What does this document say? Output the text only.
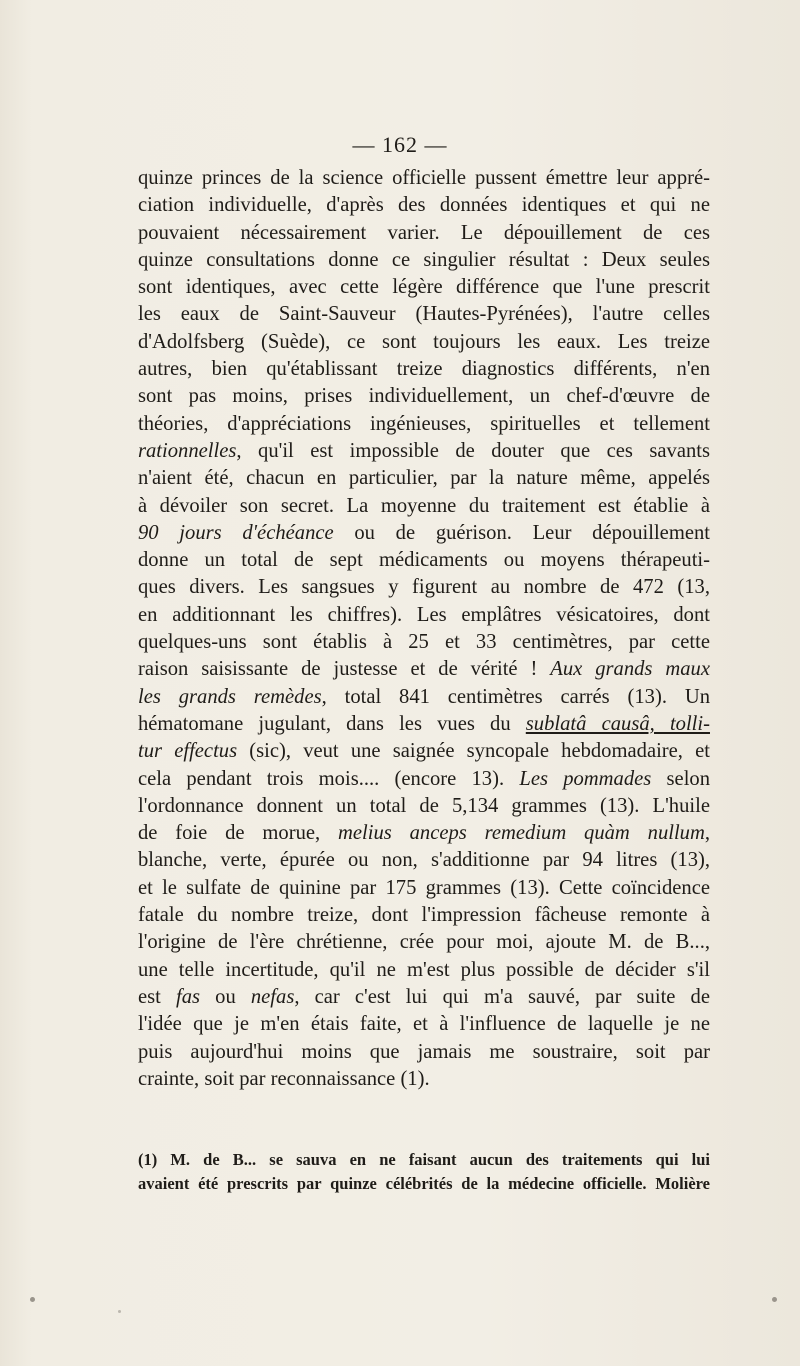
— 162 —
quinze princes de la science officielle pussent émettre leur appré-
ciation individuelle, d'après des données identiques et qui ne
pouvaient nécessairement varier. Le dépouillement de ces
quinze consultations donne ce singulier résultat : Deux seules
sont identiques, avec cette légère différence que l'une prescrit
les eaux de Saint-Sauveur (Hautes-Pyrénées), l'autre celles
d'Adolfsberg (Suède), ce sont toujours les eaux. Les treize
autres, bien qu'établissant treize diagnostics différents, n'en
sont pas moins, prises individuellement, un chef-d'œuvre de
théories, d'appréciations ingénieuses, spirituelles et tellement
rationnelles, qu'il est impossible de douter que ces savants
n'aient été, chacun en particulier, par la nature même, appelés
à dévoiler son secret. La moyenne du traitement est établie à
90 jours d'échéance ou de guérison. Leur dépouillement
donne un total de sept médicaments ou moyens thérapeuti-
ques divers. Les sangsues y figurent au nombre de 472 (13,
en additionnant les chiffres). Les emplâtres vésicatoires, dont
quelques-uns sont établis à 25 et 33 centimètres, par cette
raison saisissante de justesse et de vérité ! Aux grands maux
les grands remèdes, total 841 centimètres carrés (13). Un
hématomane jugulant, dans les vues du sublatâ causâ, tolli-
tur effectus (sic), veut une saignée syncopale hebdomadaire, et
cela pendant trois mois.... (encore 13). Les pommades selon
l'ordonnance donnent un total de 5,134 grammes (13). L'huile
de foie de morue, melius anceps remedium quàm nullum,
blanche, verte, épurée ou non, s'additionne par 94 litres (13),
et le sulfate de quinine par 175 grammes (13). Cette coïncidence
fatale du nombre treize, dont l'impression fâcheuse remonte à
l'origine de l'ère chrétienne, crée pour moi, ajoute M. de B...,
une telle incertitude, qu'il ne m'est plus possible de décider s'il
est fas ou nefas, car c'est lui qui m'a sauvé, par suite de
l'idée que je m'en étais faite, et à l'influence de laquelle je ne
puis aujourd'hui moins que jamais me soustraire, soit par
crainte, soit par reconnaissance (1).
(1) M. de B... se sauva en ne faisant aucun des traitements qui lui
avaient été prescrits par quinze célébrités de la médecine officielle. Molière
